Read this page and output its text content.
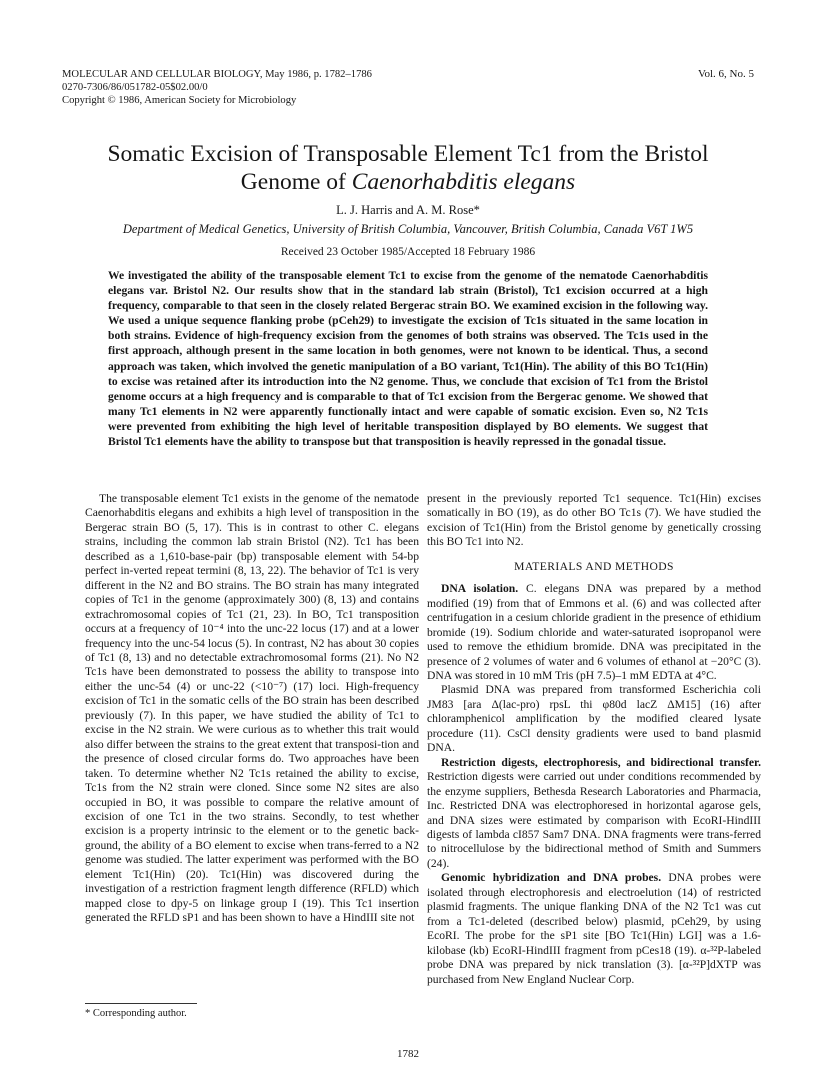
MOLECULAR AND CELLULAR BIOLOGY, May 1986, p. 1782–1786
0270-7306/86/051782-05$02.00/0
Copyright © 1986, American Society for Microbiology
Vol. 6, No. 5
Somatic Excision of Transposable Element Tc1 from the Bristol
Genome of Caenorhabditis elegans
L. J. Harris and A. M. Rose*
Department of Medical Genetics, University of British Columbia, Vancouver, British Columbia, Canada V6T 1W5
Received 23 October 1985/Accepted 18 February 1986
We investigated the ability of the transposable element Tc1 to excise from the genome of the nematode Caenorhabditis elegans var. Bristol N2. Our results show that in the standard lab strain (Bristol), Tc1 excision occurred at a high frequency, comparable to that seen in the closely related Bergerac strain BO. We examined excision in the following way. We used a unique sequence flanking probe (pCeh29) to investigate the excision of Tc1s situated in the same location in both strains. Evidence of high-frequency excision from the genomes of both strains was observed. The Tc1s used in the first approach, although present in the same location in both genomes, were not known to be identical. Thus, a second approach was taken, which involved the genetic manipulation of a BO variant, Tc1(Hin). The ability of this BO Tc1(Hin) to excise was retained after its introduction into the N2 genome. Thus, we conclude that excision of Tc1 from the Bristol genome occurs at a high frequency and is comparable to that of Tc1 excision from the Bergerac genome. We showed that many Tc1 elements in N2 were apparently functionally intact and were capable of somatic excision. Even so, N2 Tc1s were prevented from exhibiting the high level of heritable transposition displayed by BO elements. We suggest that Bristol Tc1 elements have the ability to transpose but that transposition is heavily repressed in the gonadal tissue.

The transposable element Tc1 exists in the genome of the nematode Caenorhabditis elegans and exhibits a high level of transposition in the Bergerac strain BO (5, 17). This is in contrast to other C. elegans strains, including the common lab strain Bristol (N2). Tc1 has been described as a 1,610-base-pair (bp) transposable element with 54-bp perfect in-verted repeat termini (8, 13, 22). The behavior of Tc1 is very different in the N2 and BO strains. The BO strain has many integrated copies of Tc1 in the genome (approximately 300) (8, 13) and contains extrachromosomal copies of Tc1 (21, 23). In BO, Tc1 transposition occurs at a frequency of 10⁻⁴ into the unc-22 locus (17) and at a lower frequency into the unc-54 locus (5). In contrast, N2 has about 30 copies of Tc1 (8, 13) and no detectable extrachromosomal forms (21). No N2 Tc1s have been demonstrated to possess the ability to transpose into either the unc-54 (4) or unc-22 (<10⁻⁷) (17) loci. High-frequency excision of Tc1 in the somatic cells of the BO strain has been described previously (7). In this paper, we have studied the ability of Tc1 to excise in the N2 strain. We were curious as to whether this trait would also differ between the strains to the great extent that transposi-tion and the presence of closed circular forms do. Two approaches have been taken. To determine whether N2 Tc1s retained the ability to excise, Tc1s from the N2 strain were cloned. Since some N2 sites are also occupied in BO, it was possible to compare the relative amount of excision of one Tc1 in the two strains. Secondly, to test whether excision is a property intrinsic to the element or to the genetic back-ground, the ability of a BO element to excise when trans-ferred to a N2 genome was studied. The latter experiment was performed with the BO element Tc1(Hin) (20). Tc1(Hin) was discovered during the investigation of a restriction fragment length difference (RFLD) which mapped close to dpy-5 on linkage group I (19). This Tc1 insertion generated the RFLD sP1 and has been shown to have a HindIII site not

present in the previously reported Tc1 sequence. Tc1(Hin) excises somatically in BO (19), as do other BO Tc1s (7). We have studied the excision of Tc1(Hin) from the Bristol genome by genetically crossing this BO Tc1 into N2.

MATERIALS AND METHODS

DNA isolation. C. elegans DNA was prepared by a method modified (19) from that of Emmons et al. (6) and was collected after centrifugation in a cesium chloride gradient in the presence of ethidium bromide (19). Sodium chloride and water-saturated isopropanol were used to remove the ethidium bromide. DNA was precipitated in the presence of 2 volumes of water and 6 volumes of ethanol at −20°C (3). DNA was stored in 10 mM Tris (pH 7.5)–1 mM EDTA at 4°C.

Plasmid DNA was prepared from transformed Escherichia coli JM83 [ara Δ(lac-pro) rpsL thi φ80d lacZ ΔM15] (16) after chloramphenicol amplification by the modified cleared lysate procedure (11). CsCl density gradients were used to band plasmid DNA.

Restriction digests, electrophoresis, and bidirectional transfer. Restriction digests were carried out under conditions recommended by the enzyme suppliers, Bethesda Research Laboratories and Pharmacia, Inc. Restricted DNA was electrophoresed in horizontal agarose gels, and DNA sizes were estimated by comparison with EcoRI-HindIII digests of lambda cI857 Sam7 DNA. DNA fragments were trans-ferred to nitrocellulose by the bidirectional method of Smith and Summers (24).

Genomic hybridization and DNA probes. DNA probes were isolated through electrophoresis and electroelution (14) of restricted plasmid fragments. The unique flanking DNA of the N2 Tc1 was cut from a Tc1-deleted (described below) plasmid, pCeh29, by using EcoRI. The probe for the sP1 site [BO Tc1(Hin) LGI] was a 1.6-kilobase (kb) EcoRI-HindIII fragment from pCes18 (19). α-³²P-labeled probe DNA was prepared by nick translation (3). [α-³²P]dXTP was purchased from New England Nuclear Corp.

* Corresponding author.
1782
